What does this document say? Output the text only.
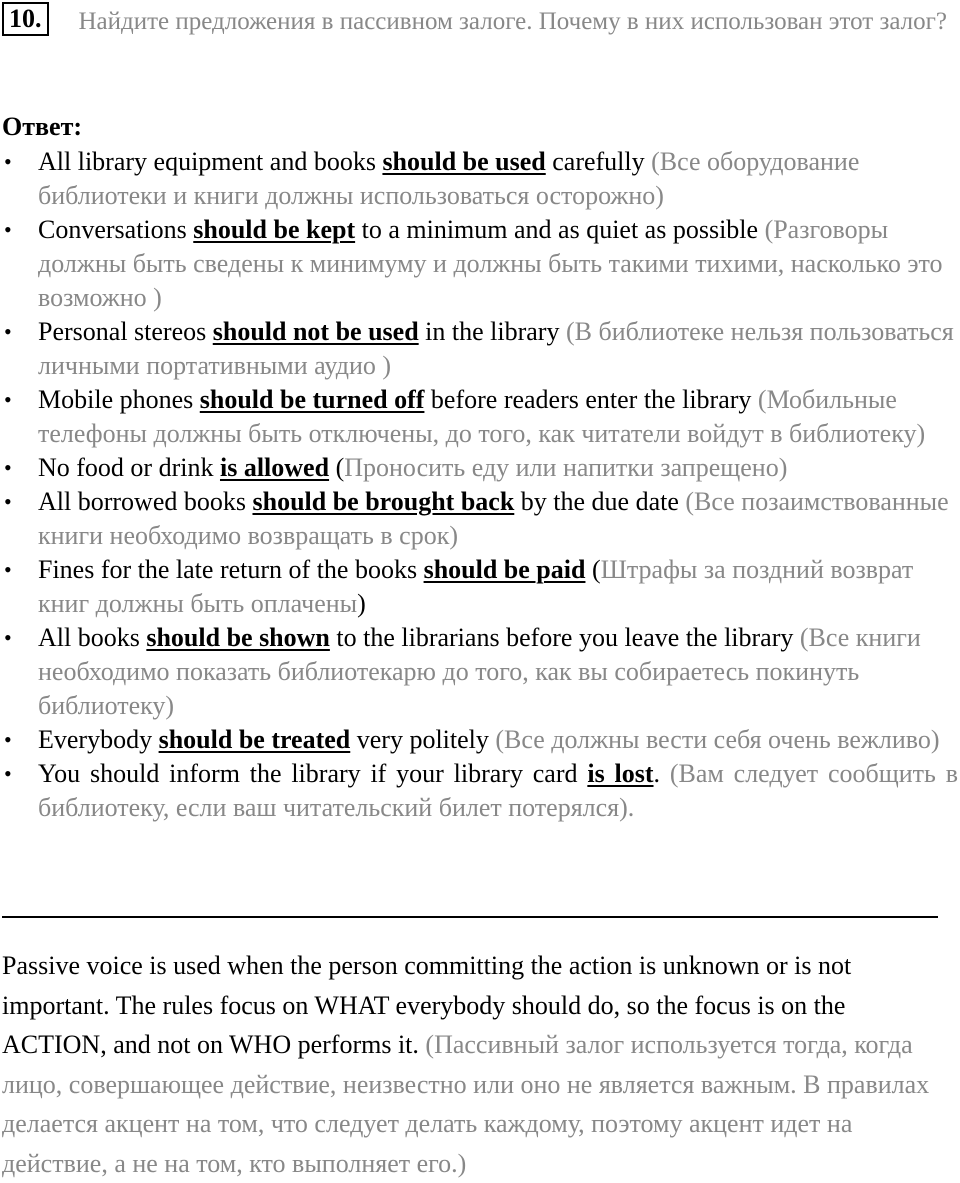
10. Найдите предложения в пассивном залоге. Почему в них использован этот залог?
Ответ:
• All library equipment and books should be used carefully (Все оборудование библиотеки и книги должны использоваться осторожно)
• Conversations should be kept to a minimum and as quiet as possible (Разговоры должны быть сведены к минимуму и должны быть такими тихими, насколько это возможно )
• Personal stereos should not be used in the library (В библиотеке нельзя пользоваться личными портативными аудио )
• Mobile phones should be turned off before readers enter the library (Мобильные телефоны должны быть отключены, до того, как читатели войдут в библиотеку)
• No food or drink is allowed (Проносить еду или напитки запрещено)
• All borrowed books should be brought back by the due date (Все позаимствованные книги необходимо возвращать в срок)
• Fines for the late return of the books should be paid (Штрафы за поздний возврат книг должны быть оплачены)
• All books should be shown to the librarians before you leave the library (Все книги необходимо показать библиотекарю до того, как вы собираетесь покинуть библиотеку)
• Everybody should be treated very politely (Все должны вести себя очень вежливо)
• You should inform the library if your library card is lost. (Вам следует сообщить в библиотеку, если ваш читательский билет потерялся).
Passive voice is used when the person committing the action is unknown or is not important. The rules focus on WHAT everybody should do, so the focus is on the ACTION, and not on WHO performs it. (Пассивный залог используется тогда, когда лицо, совершающее действие, неизвестно или оно не является важным. В правилах делается акцент на том, что следует делать каждому, поэтому акцент идет на действие, а не на том, кто выполняет его.)
